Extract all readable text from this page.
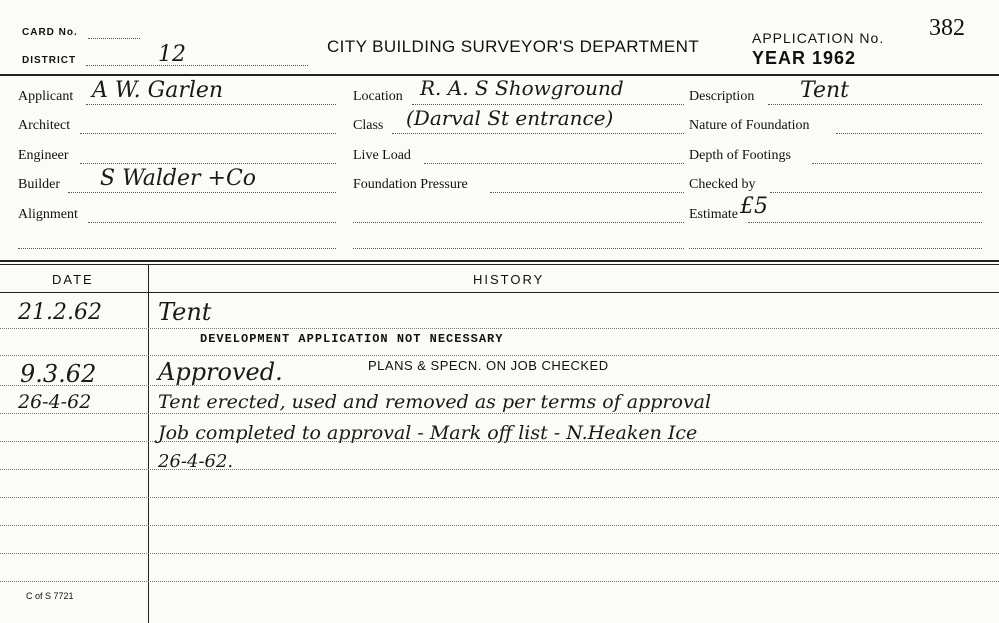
CARD No.
DISTRICT	12	CITY BUILDING SURVEYOR'S DEPARTMENT	APPLICATION No. 382
YEAR 1962
Applicant A W. Garlen
Architect
Engineer
Builder S Walder +Co
Alignment
Location R. A. S Showground
Class (Darval St entrance)
Live Load
Foundation Pressure
Description Tent
Nature of Foundation
Depth of Footings
Checked by
Estimate £5
DATE	HISTORY
21.2.62 Tent
DEVELOPMENT APPLICATION NOT NECESSARY
9.3.62	Approved.	PLANS & SPECN. ON JOB CHECKED
26-4-62	Tent erected, used and removed as per terms of approval
Job completed to approval - Mark off list - N.Heaken Ice
26-4-62.
C of S 7721
